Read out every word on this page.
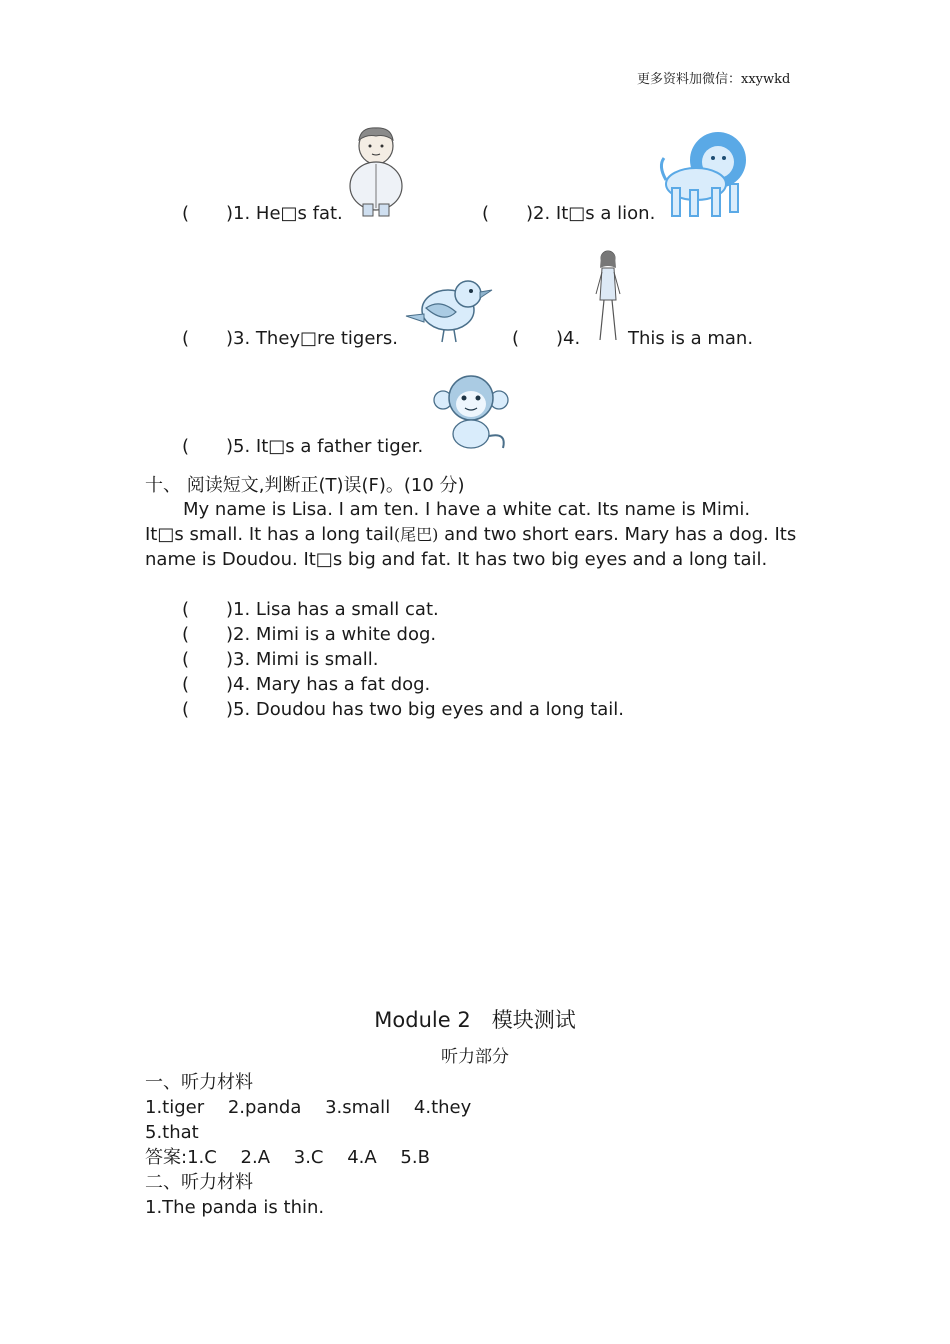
更多资料加微信：xxywkd
( )1. He□s fat.	( )2. It□s a lion.
( )3. They□re tigers.	( )4.	This is a man.
( )5. It□s a father tiger.
十、 阅读短文,判断正(T)误(F)。(10 分)

My name is Lisa. I am ten. I have a white cat. Its name is Mimi.

It□s small. It has a long tail(尾巴) and two short ears. Mary has a dog. Its name is Doudou. It□s big and fat. It has two big eyes and a long tail.

( )1. Lisa has a small cat.
( )2. Mimi is a white dog.
( )3. Mimi is small.
( )4. Mary has a fat dog.
( )5. Doudou has two big eyes and a long tail.
Module 2　模块测试
听力部分
一、听力材料
1.tiger  2.panda  3.small  4.they
5.that
答案:1.C  2.A  3.C  4.A  5.B
二、听力材料
1.The panda is thin.
